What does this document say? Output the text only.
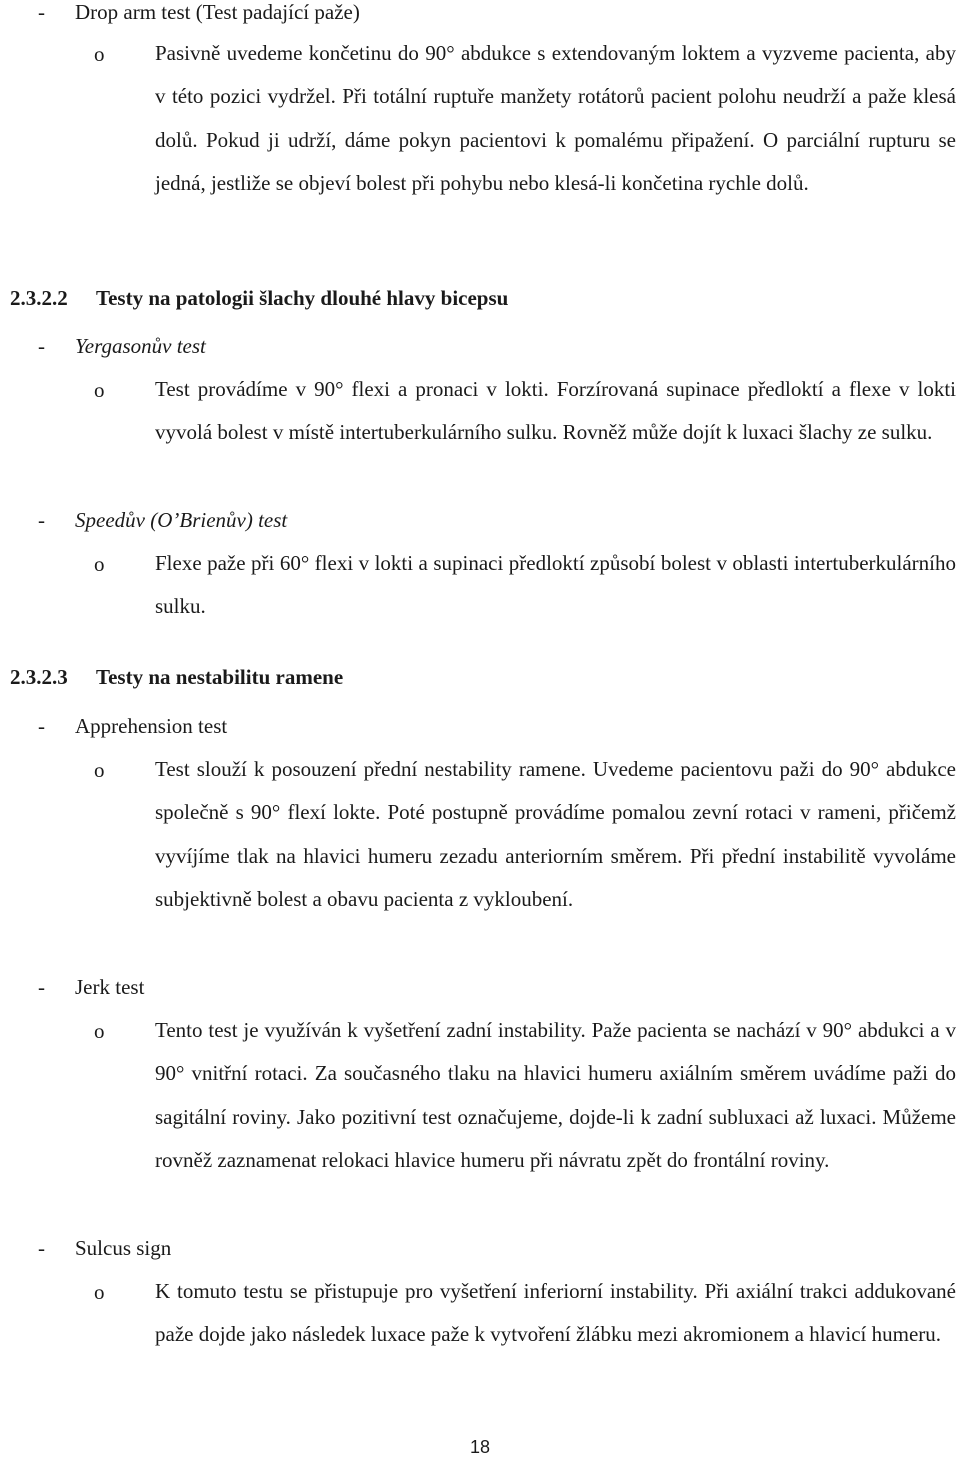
- Drop arm test (Test padající paže)
o Pasivně uvedeme končetinu do 90° abdukce s extendovaným loktem a vyzveme pacienta, aby v této pozici vydržel. Při totální ruptuře manžety rotátorů pacient polohu neudrží a paže klesá dolů. Pokud ji udrží, dáme pokyn pacientovi k pomalému připažení. O parciální rupturu se jedná, jestliže se objeví bolest při pohybu nebo klesá-li končetina rychle dolů.

2.3.2.2 Testy na patologii šlachy dlouhé hlavy bicepsu
- Yergasonův test
o Test provádíme v 90° flexi a pronaci v lokti. Forzírovaná supinace předloktí a flexe v lokti vyvolá bolest v místě intertuberkulárního sulku. Rovněž může dojít k luxaci šlachy ze sulku.

- Speedův (O’Brienův) test
o Flexe paže při 60° flexi v lokti a supinaci předloktí způsobí bolest v oblasti intertuberkulárního sulku.

2.3.2.3 Testy na nestabilitu ramene
- Apprehension test
o Test slouží k posouzení přední nestability ramene. Uvedeme pacientovu paži do 90° abdukce společně s 90° flexí lokte. Poté postupně provádíme pomalou zevní rotaci v rameni, přičemž vyvíjíme tlak na hlavici humeru zezadu anteriorním směrem. Při přední instabilitě vyvoláme subjektivně bolest a obavu pacienta z vykloubení.

- Jerk test
o Tento test je využíván k vyšetření zadní instability. Paže pacienta se nachází v 90° abdukci a v 90° vnitřní rotaci. Za současného tlaku na hlavici humeru axiálním směrem uvádíme paži do sagitální roviny. Jako pozitivní test označujeme, dojde-li k zadní subluxaci až luxaci. Můžeme rovněž zaznamenat relokaci hlavice humeru při návratu zpět do frontální roviny.

- Sulcus sign
o K tomuto testu se přistupuje pro vyšetření inferiorní instability. Při axiální trakci addukované paže dojde jako následek luxace paže k vytvoření žlábku mezi akromionem a hlavicí humeru.

18
